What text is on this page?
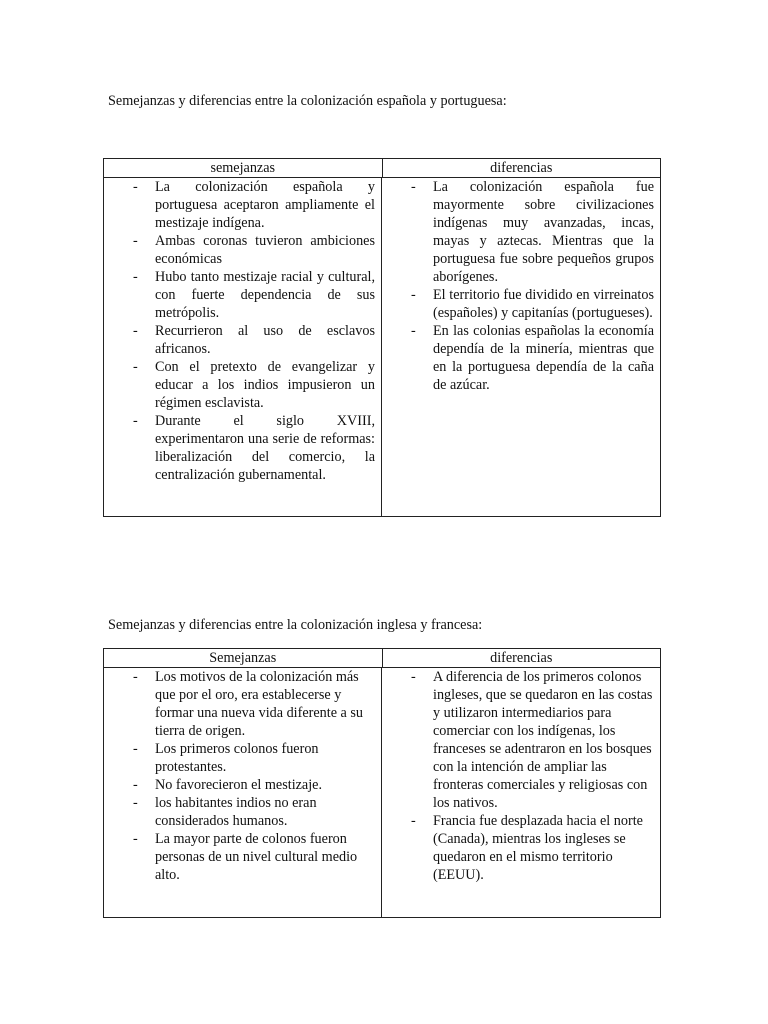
Semejanzas y diferencias entre la colonización española y portuguesa:
semejanzas	diferencias
- La colonización española y portuguesa aceptaron ampliamente el mestizaje indígena.
- Ambas coronas tuvieron ambiciones económicas
- Hubo tanto mestizaje racial y cultural, con fuerte dependencia de sus metrópolis.
- Recurrieron al uso de esclavos africanos.
- Con el pretexto de evangelizar y educar a los indios impusieron un régimen esclavista.
- Durante el siglo XVIII, experimentaron una serie de reformas: liberalización del comercio, la centralización gubernamental.
- La colonización española fue mayormente sobre civilizaciones indígenas muy avanzadas, incas, mayas y aztecas. Mientras que la portuguesa fue sobre pequeños grupos aborígenes.
- El territorio fue dividido en virreinatos (españoles) y capitanías (portugueses).
- En las colonias españolas la economía dependía de la minería, mientras que en la portuguesa dependía de la caña de azúcar.
Semejanzas y diferencias entre la colonización inglesa y francesa:
Semejanzas	diferencias
- Los motivos de la colonización más que por el oro, era establecerse y formar una nueva vida diferente a su tierra de origen.
- Los primeros colonos fueron protestantes.
- No favorecieron el mestizaje.
- los habitantes indios no eran considerados humanos.
- La mayor parte de colonos fueron personas de un nivel cultural medio alto.
- A diferencia de los primeros colonos ingleses, que se quedaron en las costas y utilizaron intermediarios para comerciar con los indígenas, los franceses se adentraron en los bosques con la intención de ampliar las fronteras comerciales y religiosas con los nativos.
- Francia fue desplazada hacia el norte (Canada), mientras los ingleses se quedaron en el mismo territorio (EEUU).
